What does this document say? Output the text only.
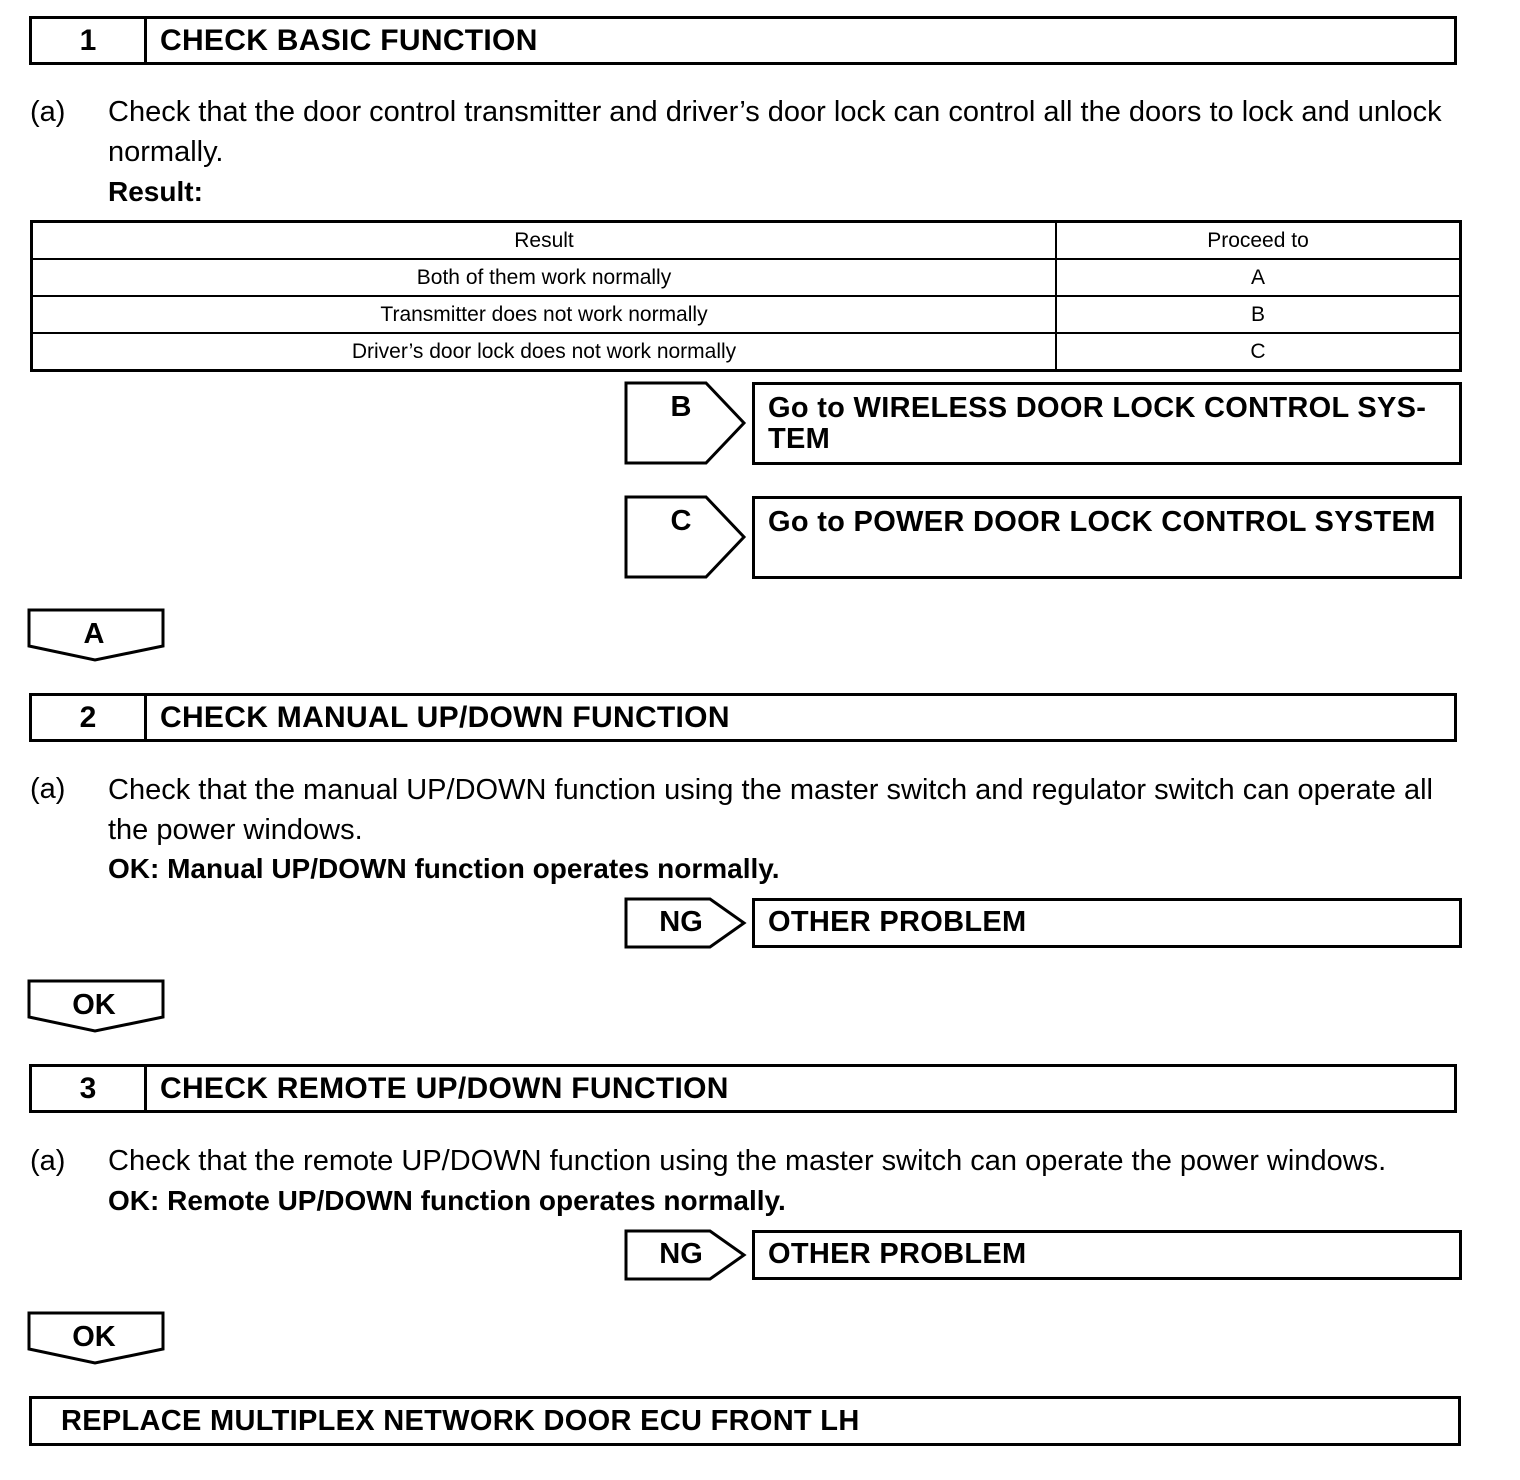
1	CHECK BASIC FUNCTION
(a) Check that the door control transmitter and driver’s door lock can control all the doors to lock and unlock normally.
Result:
Result	Proceed to
Both of them work normally	A
Transmitter does not work normally	B
Driver’s door lock does not work normally	C
B	Go to WIRELESS DOOR LOCK CONTROL SYS-TEM
C	Go to POWER DOOR LOCK CONTROL SYSTEM
A
2	CHECK MANUAL UP/DOWN FUNCTION
(a) Check that the manual UP/DOWN function using the master switch and regulator switch can operate all the power windows.
OK: Manual UP/DOWN function operates normally.
NG	OTHER PROBLEM
OK
3	CHECK REMOTE UP/DOWN FUNCTION
(a) Check that the remote UP/DOWN function using the master switch can operate the power windows.
OK: Remote UP/DOWN function operates normally.
NG	OTHER PROBLEM
OK
REPLACE MULTIPLEX NETWORK DOOR ECU FRONT LH
